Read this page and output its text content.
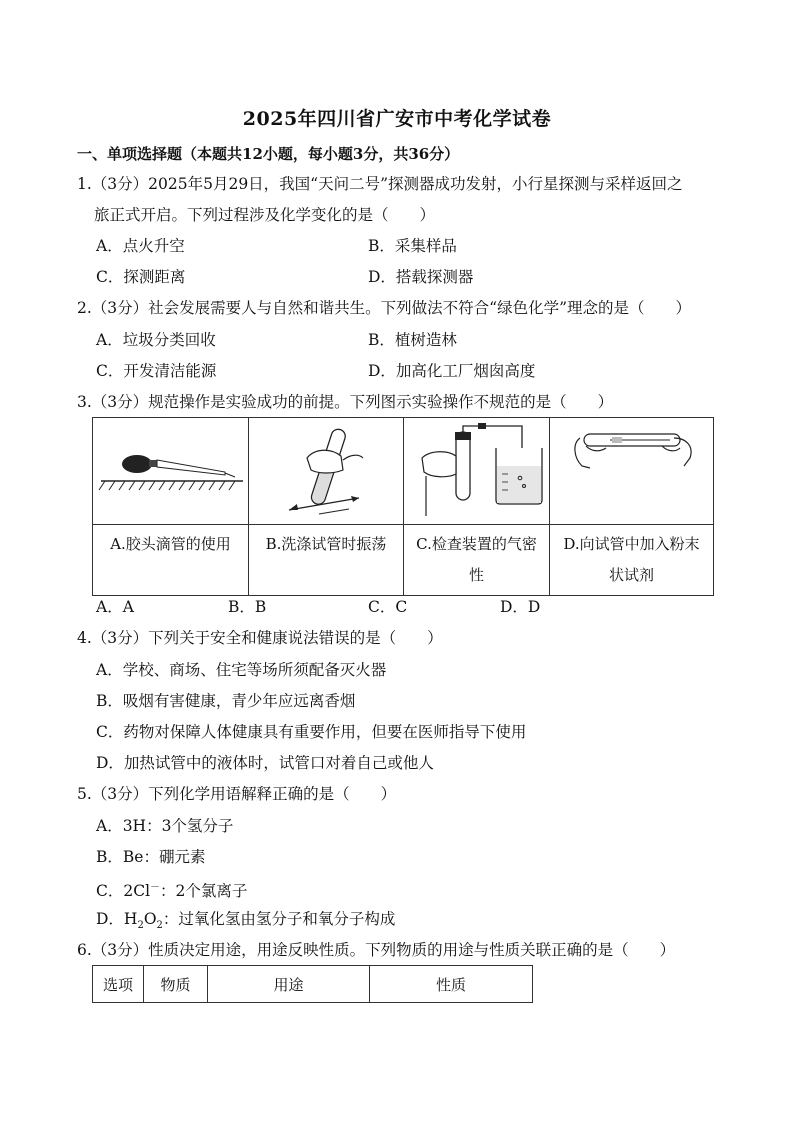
2025年四川省广安市中考化学试卷
一、单项选择题（本题共12小题，每小题3分，共36分）
1.（3分）2025年5月29日，我国“天问二号”探测器成功发射，小行星探测与采样返回之
旅正式开启。下列过程涉及化学变化的是（　　）
A．点火升空	B．采集样品
C．探测距离	D．搭载探测器
2.（3分）社会发展需要人与自然和谐共生。下列做法不符合“绿色化学”理念的是（　　）
A．垃圾分类回收	B．植树造林
C．开发清洁能源	D．加高化工厂烟囱高度
3.（3分）规范操作是实验成功的前提。下列图示实验操作不规范的是（　　）

A.胶头滴管的使用	B.洗涤试管时振荡	C.检查装置的气密性	D.向试管中加入粉末状试剂
A．A	B．B	C．C	D．D
4.（3分）下列关于安全和健康说法错误的是（　　）
A．学校、商场、住宅等场所须配备灭火器
B．吸烟有害健康，青少年应远离香烟
C．药物对保障人体健康具有重要作用，但要在医师指导下使用
D．加热试管中的液体时，试管口对着自己或他人
5.（3分）下列化学用语解释正确的是（　　）
A．3H：3个氢分子
B．Be：硼元素
C．2Cl－：2个氯离子
D．$H_2O_2$：过氧化氢由氢分子和氧分子构成
6.（3分）性质决定用途，用途反映性质。下列物质的用途与性质关联正确的是（　　）
选项	物质	用途	性质
